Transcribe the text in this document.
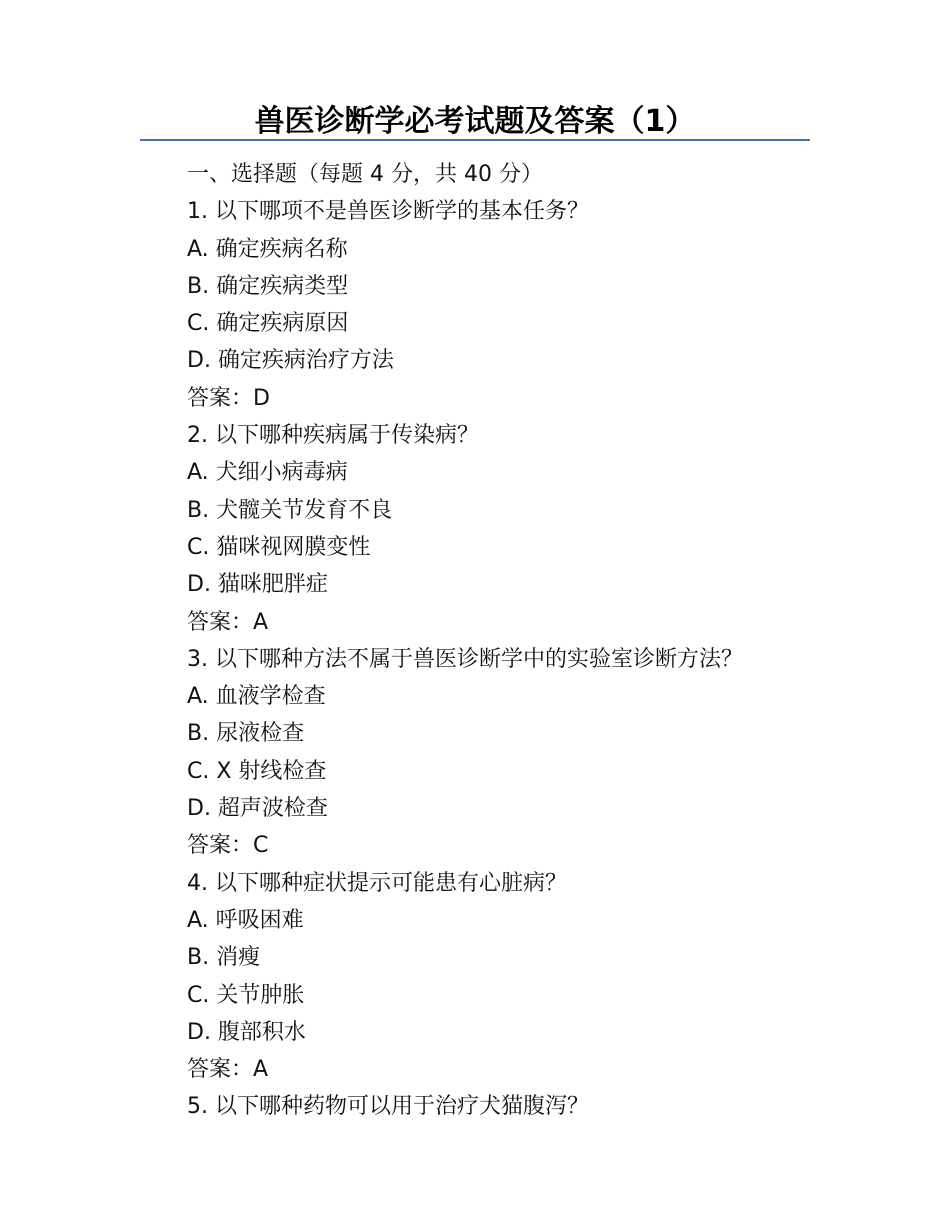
兽医诊断学必考试题及答案（1）
一、选择题（每题 4 分，共 40 分）
1. 以下哪项不是兽医诊断学的基本任务？
A. 确定疾病名称
B. 确定疾病类型
C. 确定疾病原因
D. 确定疾病治疗方法
答案：D
2. 以下哪种疾病属于传染病？
A. 犬细小病毒病
B. 犬髋关节发育不良
C. 猫咪视网膜变性
D. 猫咪肥胖症
答案：A
3. 以下哪种方法不属于兽医诊断学中的实验室诊断方法？
A. 血液学检查
B. 尿液检查
C. X 射线检查
D. 超声波检查
答案：C
4. 以下哪种症状提示可能患有心脏病？
A. 呼吸困难
B. 消瘦
C. 关节肿胀
D. 腹部积水
答案：A
5. 以下哪种药物可以用于治疗犬猫腹泻？
